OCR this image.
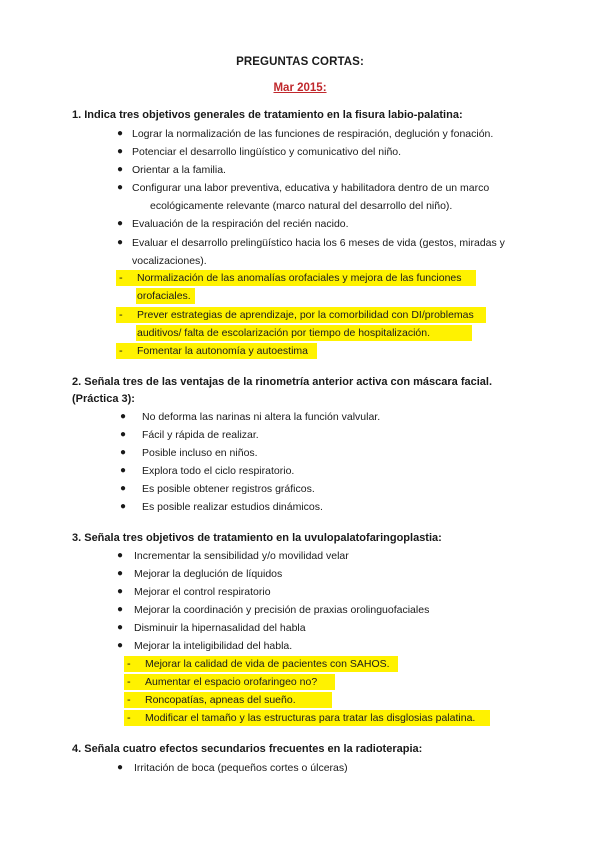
PREGUNTAS CORTAS:
Mar 2015:
1. Indica tres objetivos generales de tratamiento en la fisura labio-palatina:
● Lograr la normalización de las funciones de respiración, deglución y fonación.
● Potenciar el desarrollo lingüístico y comunicativo del niño.
● Orientar a la familia.
● Configurar una labor preventiva, educativa y habilitadora dentro de un marco
ecológicamente relevante (marco natural del desarrollo del niño).
● Evaluación de la respiración del recién nacido.
● Evaluar el desarrollo prelingüístico hacia los 6 meses de vida (gestos, miradas y
vocalizaciones).
- Normalización de las anomalías orofaciales y mejora de las funciones
orofaciales.
- Prever estrategias de aprendizaje, por la comorbilidad con DI/problemas
auditivos/ falta de escolarización por tiempo de hospitalización.
- Fomentar la autonomía y autoestima
2. Señala tres de las ventajas de la rinometría anterior activa con máscara facial.
(Práctica 3):
● No deforma las narinas ni altera la función valvular.
● Fácil y rápida de realizar.
● Posible incluso en niños.
● Explora todo el ciclo respiratorio.
● Es posible obtener registros gráficos.
● Es posible realizar estudios dinámicos.
3. Señala tres objetivos de tratamiento en la uvulopalatofaringoplastia:
● Incrementar la sensibilidad y/o movilidad velar
● Mejorar la deglución de líquidos
● Mejorar el control respiratorio
● Mejorar la coordinación y precisión de praxias orolinguofaciales
● Disminuir la hipernasalidad del habla
● Mejorar la inteligibilidad del habla.
- Mejorar la calidad de vida de pacientes con SAHOS.
- Aumentar el espacio orofaringeo no?
- Roncopatías, apneas del sueño.
- Modificar el tamaño y las estructuras para tratar las disglosias palatina.
4. Señala cuatro efectos secundarios frecuentes en la radioterapia:
● Irritación de boca (pequeños cortes o úlceras)
